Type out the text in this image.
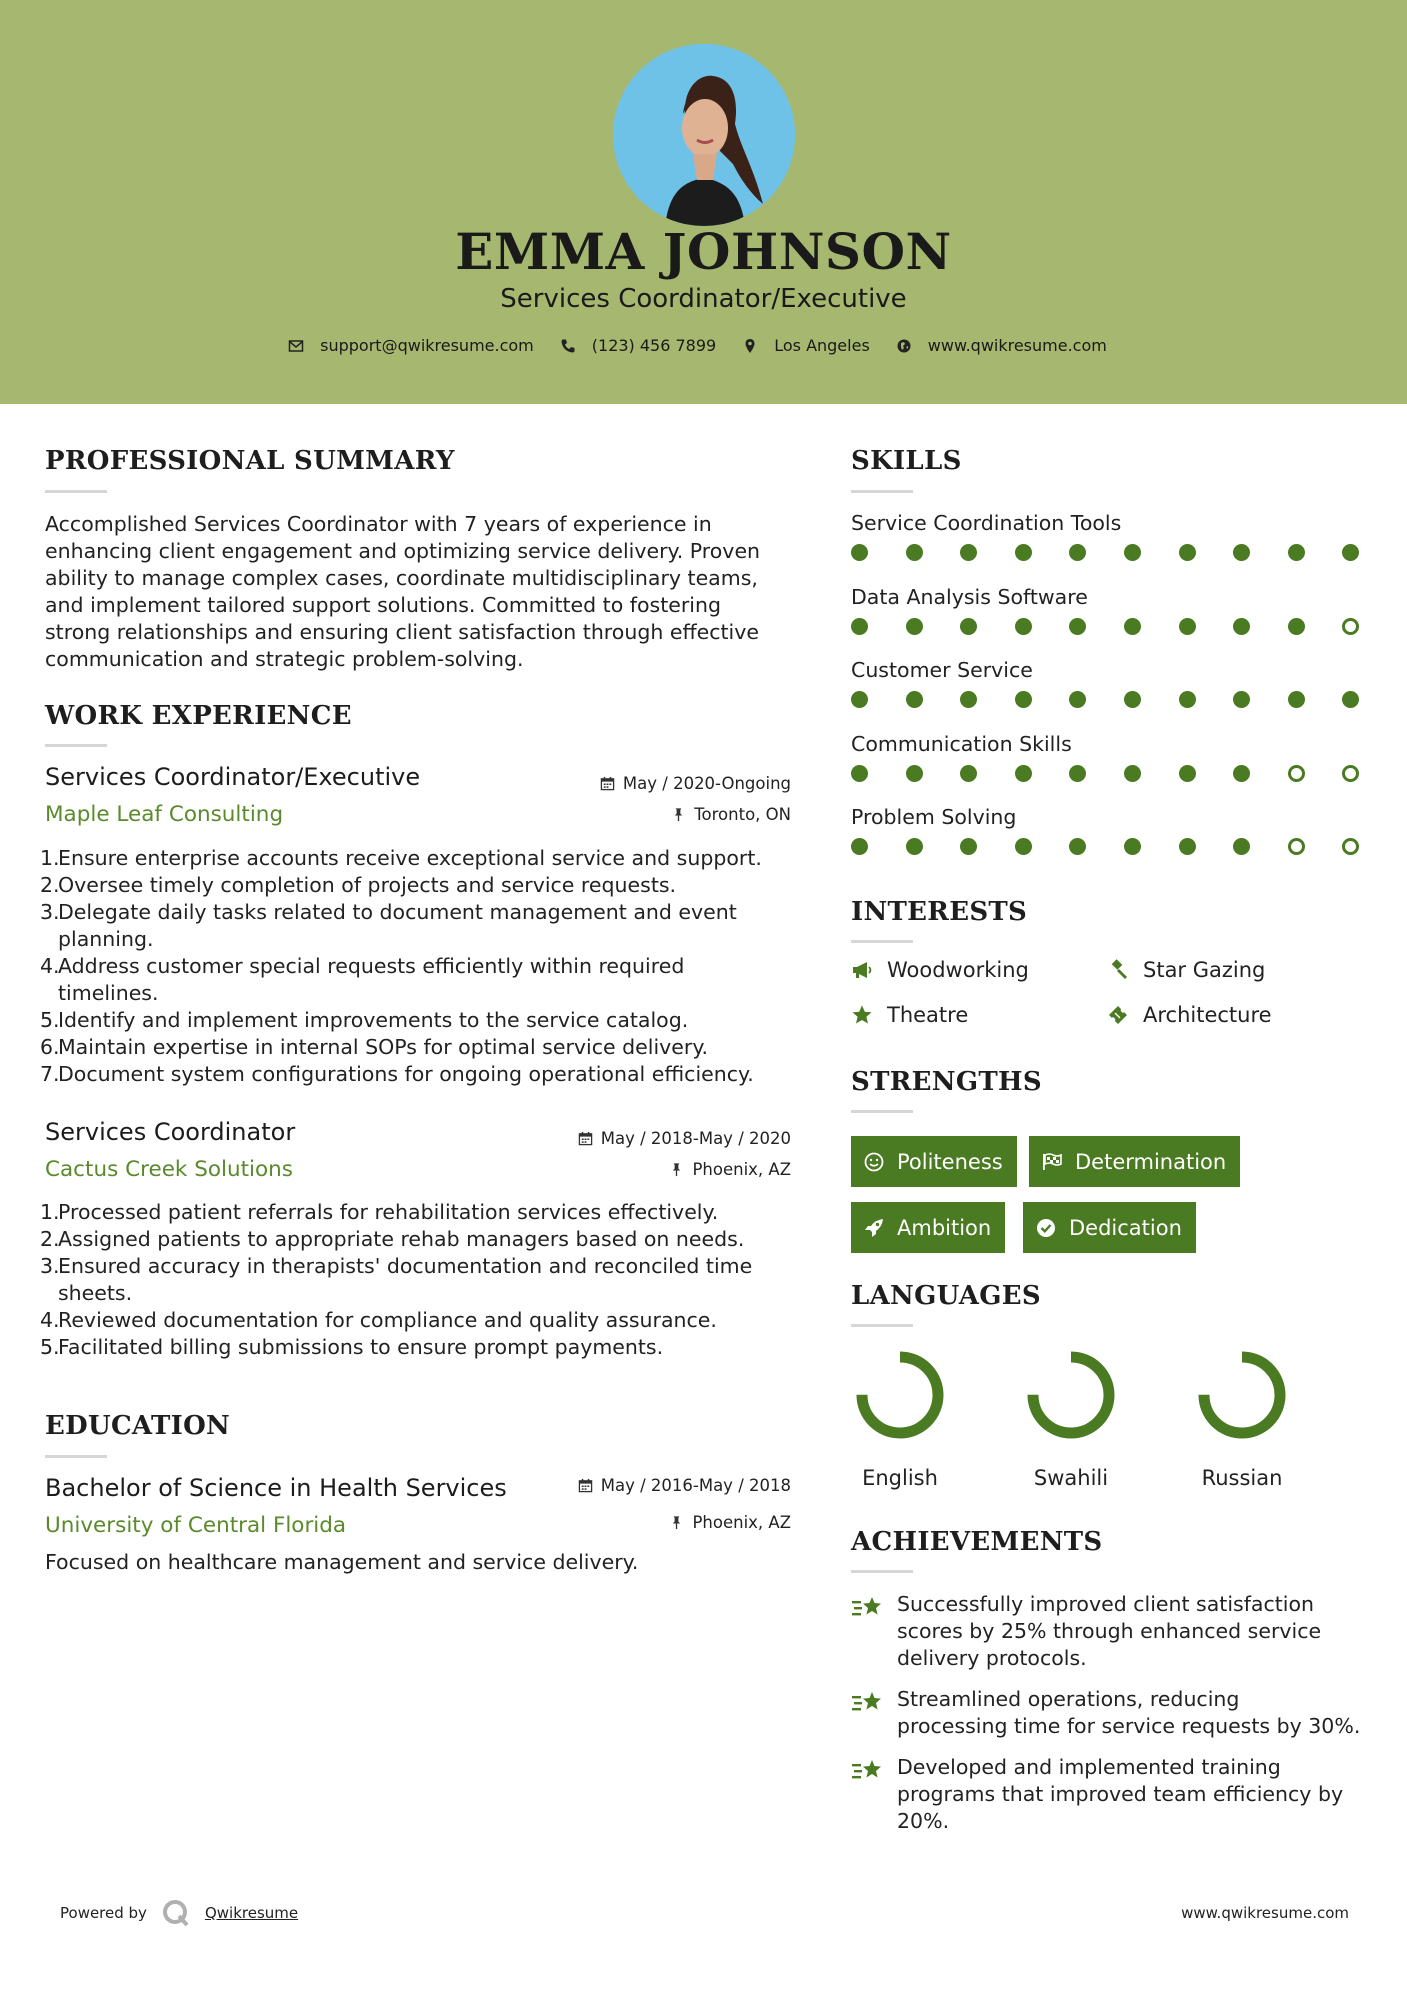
EMMA JOHNSON
Services Coordinator/Executive
support@qwikresume.com	(123) 456 7899	Los Angeles	www.qwikresume.com
PROFESSIONAL SUMMARY
Accomplished Services Coordinator with 7 years of experience in
enhancing client engagement and optimizing service delivery. Proven
ability to manage complex cases, coordinate multidisciplinary teams,
and implement tailored support solutions. Committed to fostering
strong relationships and ensuring client satisfaction through effective
communication and strategic problem-solving.
WORK EXPERIENCE
Services Coordinator/Executive	May / 2020-Ongoing
Maple Leaf Consulting	Toronto, ON
1.
Ensure enterprise accounts receive exceptional service and support.
2.
Oversee timely completion of projects and service requests.
3.
Delegate daily tasks related to document management and event
planning.
4.
Address customer special requests efficiently within required
timelines.
5.
Identify and implement improvements to the service catalog.
6.
Maintain expertise in internal SOPs for optimal service delivery.
7.
Document system configurations for ongoing operational efficiency.
Services Coordinator	May / 2018-May / 2020
Cactus Creek Solutions	Phoenix, AZ
1.
Processed patient referrals for rehabilitation services effectively.
2.
Assigned patients to appropriate rehab managers based on needs.
3.
Ensured accuracy in therapists' documentation and reconciled time
sheets.
4.
Reviewed documentation for compliance and quality assurance.
5.
Facilitated billing submissions to ensure prompt payments.
EDUCATION
Bachelor of Science in Health Services	May / 2016-May / 2018
University of Central Florida	Phoenix, AZ
Focused on healthcare management and service delivery.
SKILLS
Service Coordination Tools
Data Analysis Software
Customer Service
Communication Skills
Problem Solving
INTERESTS
Woodworking	Star Gazing
Theatre	Architecture
STRENGTHS
Politeness	Determination
Ambition	Dedication
LANGUAGES
English	Swahili	Russian
ACHIEVEMENTS
Successfully improved client satisfaction
scores by 25% through enhanced service
delivery protocols.
Streamlined operations, reducing
processing time for service requests by 30%.
Developed and implemented training
programs that improved team efficiency by
20%.
Powered by	Qwikresume	www.qwikresume.com
